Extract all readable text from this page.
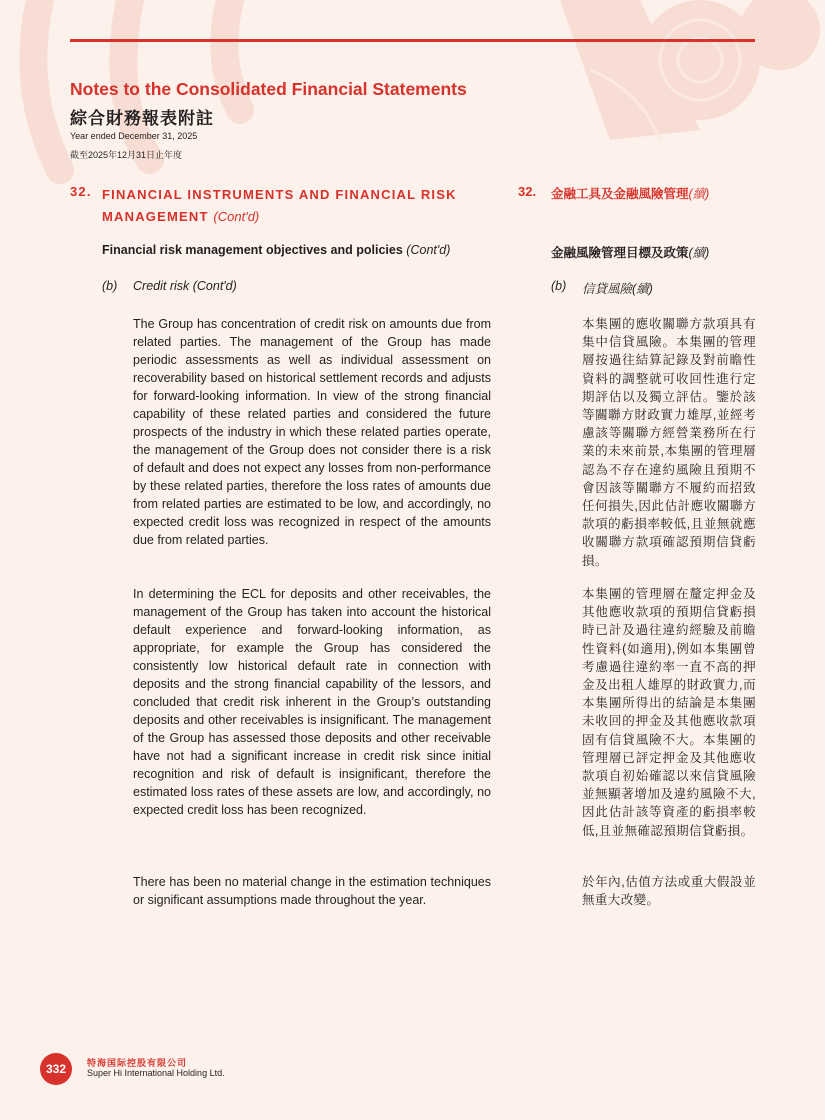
Notes to the Consolidated Financial Statements
綜合財務報表附註
Year ended December 31, 2025
截至2025年12月31日止年度
32. FINANCIAL INSTRUMENTS AND FINANCIAL RISK MANAGEMENT (Cont'd)
32. 金融工具及金融風險管理(續)
Financial risk management objectives and policies (Cont'd)	金融風險管理目標及政策(續)
(b) Credit risk (Cont'd)	(b) 信貸風險(續)

The Group has concentration of credit risk on amounts due from related parties. The management of the Group has made periodic assessments as well as individual assessment on recoverability based on historical settlement records and adjusts for forward-looking information. In view of the strong financial capability of these related parties and considered the future prospects of the industry in which these related parties operate, the management of the Group does not consider there is a risk of default and does not expect any losses from non-performance by these related parties, therefore the loss rates of amounts due from related parties are estimated to be low, and accordingly, no expected credit loss was recognized in respect of the amounts due from related parties.

In determining the ECL for deposits and other receivables, the management of the Group has taken into account the historical default experience and forward-looking information, as appropriate, for example the Group has considered the consistently low historical default rate in connection with deposits and the strong financial capability of the lessors, and concluded that credit risk inherent in the Group’s outstanding deposits and other receivables is insignificant. The management of the Group has assessed those deposits and other receivable have not had a significant increase in credit risk since initial recognition and risk of default is insignificant, therefore the estimated loss rates of these assets are low, and accordingly, no expected credit loss has been recognized.

There has been no material change in the estimation techniques or significant assumptions made throughout the year.

本集團的應收關聯方款項具有集中信貸風險。本集團的管理層按過往結算記錄及對前瞻性資料的調整就可收回性進行定期評估以及獨立評估。鑒於該等關聯方財政實力雄厚,並經考慮該等關聯方經營業務所在行業的未來前景,本集團的管理層認為不存在違約風險且預期不會因該等關聯方不履約而招致任何損失,因此估計應收關聯方款項的虧損率較低,且並無就應收關聯方款項確認預期信貸虧損。

本集團的管理層在釐定押金及其他應收款項的預期信貸虧損時已計及過往違約經驗及前瞻性資料(如適用),例如本集團曾考慮過往違約率一直不高的押金及出租人雄厚的財政實力,而本集團所得出的結論是本集團未收回的押金及其他應收款項固有信貸風險不大。本集團的管理層已評定押金及其他應收款項自初始確認以來信貸風險並無顯著增加及違約風險不大,因此估計該等資產的虧損率較低,且並無確認預期信貸虧損。

於年內,估值方法或重大假設並無重大改變。

332	特海国际控股有限公司
Super Hi International Holding Ltd.
